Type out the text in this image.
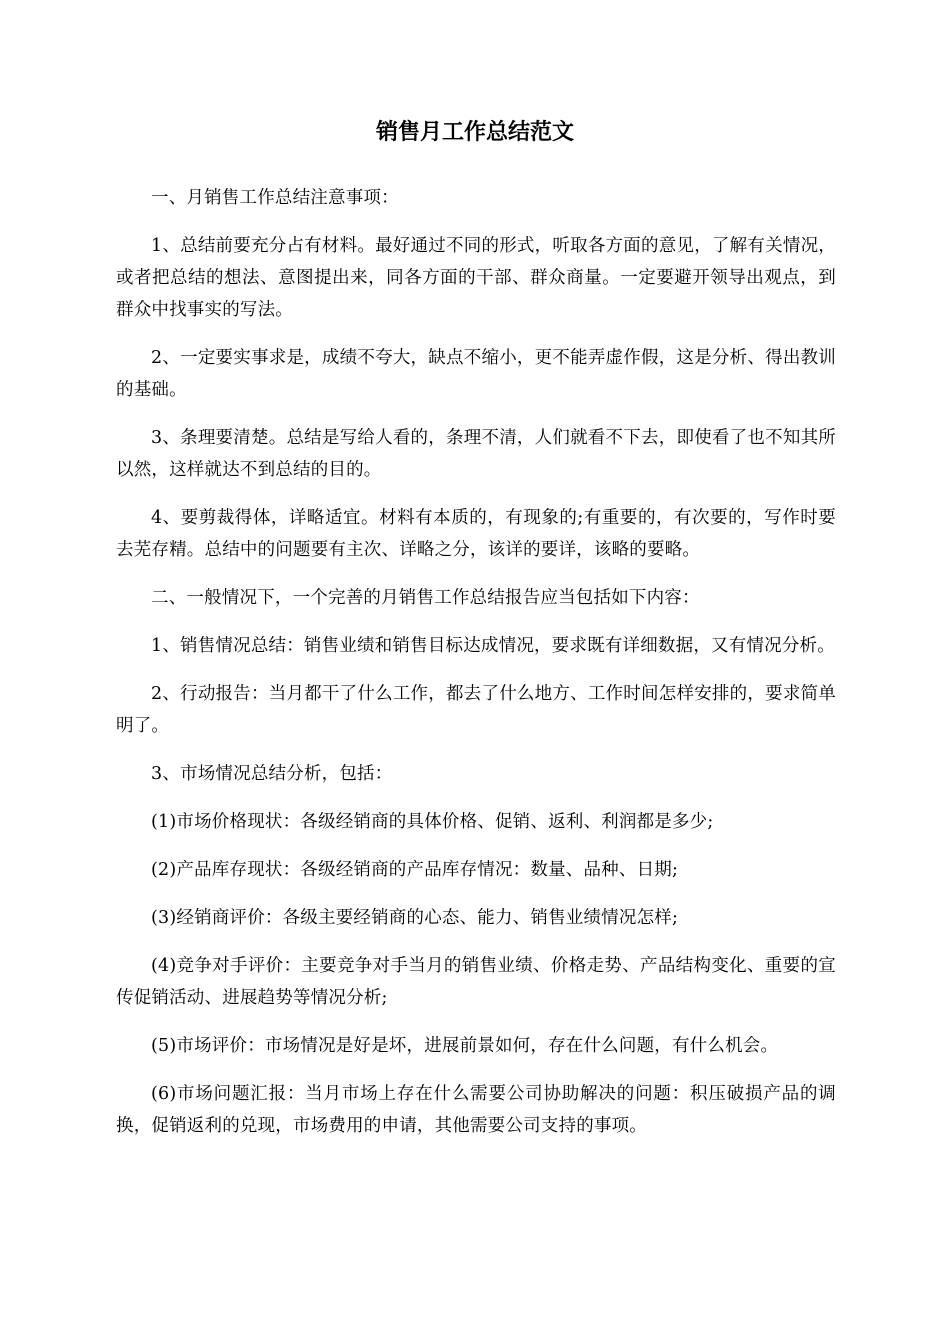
销售月工作总结范文

一、月销售工作总结注意事项：

1、总结前要充分占有材料。最好通过不同的形式，听取各方面的意见，了解有关情况，或者把总结的想法、意图提出来，同各方面的干部、群众商量。一定要避开领导出观点，到群众中找事实的写法。

2、一定要实事求是，成绩不夸大，缺点不缩小，更不能弄虚作假，这是分析、得出教训的基础。

3、条理要清楚。总结是写给人看的，条理不清，人们就看不下去，即使看了也不知其所以然，这样就达不到总结的目的。

4、要剪裁得体，详略适宜。材料有本质的，有现象的;有重要的，有次要的，写作时要去芜存精。总结中的问题要有主次、详略之分，该详的要详，该略的要略。

二、一般情况下，一个完善的月销售工作总结报告应当包括如下内容：

1、销售情况总结：销售业绩和销售目标达成情况，要求既有详细数据，又有情况分析。

2、行动报告：当月都干了什么工作，都去了什么地方、工作时间怎样安排的，要求简单明了。

3、市场情况总结分析，包括：

(1)市场价格现状：各级经销商的具体价格、促销、返利、利润都是多少;

(2)产品库存现状：各级经销商的产品库存情况：数量、品种、日期;

(3)经销商评价：各级主要经销商的心态、能力、销售业绩情况怎样;

(4)竞争对手评价：主要竞争对手当月的销售业绩、价格走势、产品结构变化、重要的宣传促销活动、进展趋势等情况分析;

(5)市场评价：市场情况是好是坏，进展前景如何，存在什么问题，有什么机会。

(6)市场问题汇报：当月市场上存在什么需要公司协助解决的问题：积压破损产品的调换，促销返利的兑现，市场费用的申请，其他需要公司支持的事项。
